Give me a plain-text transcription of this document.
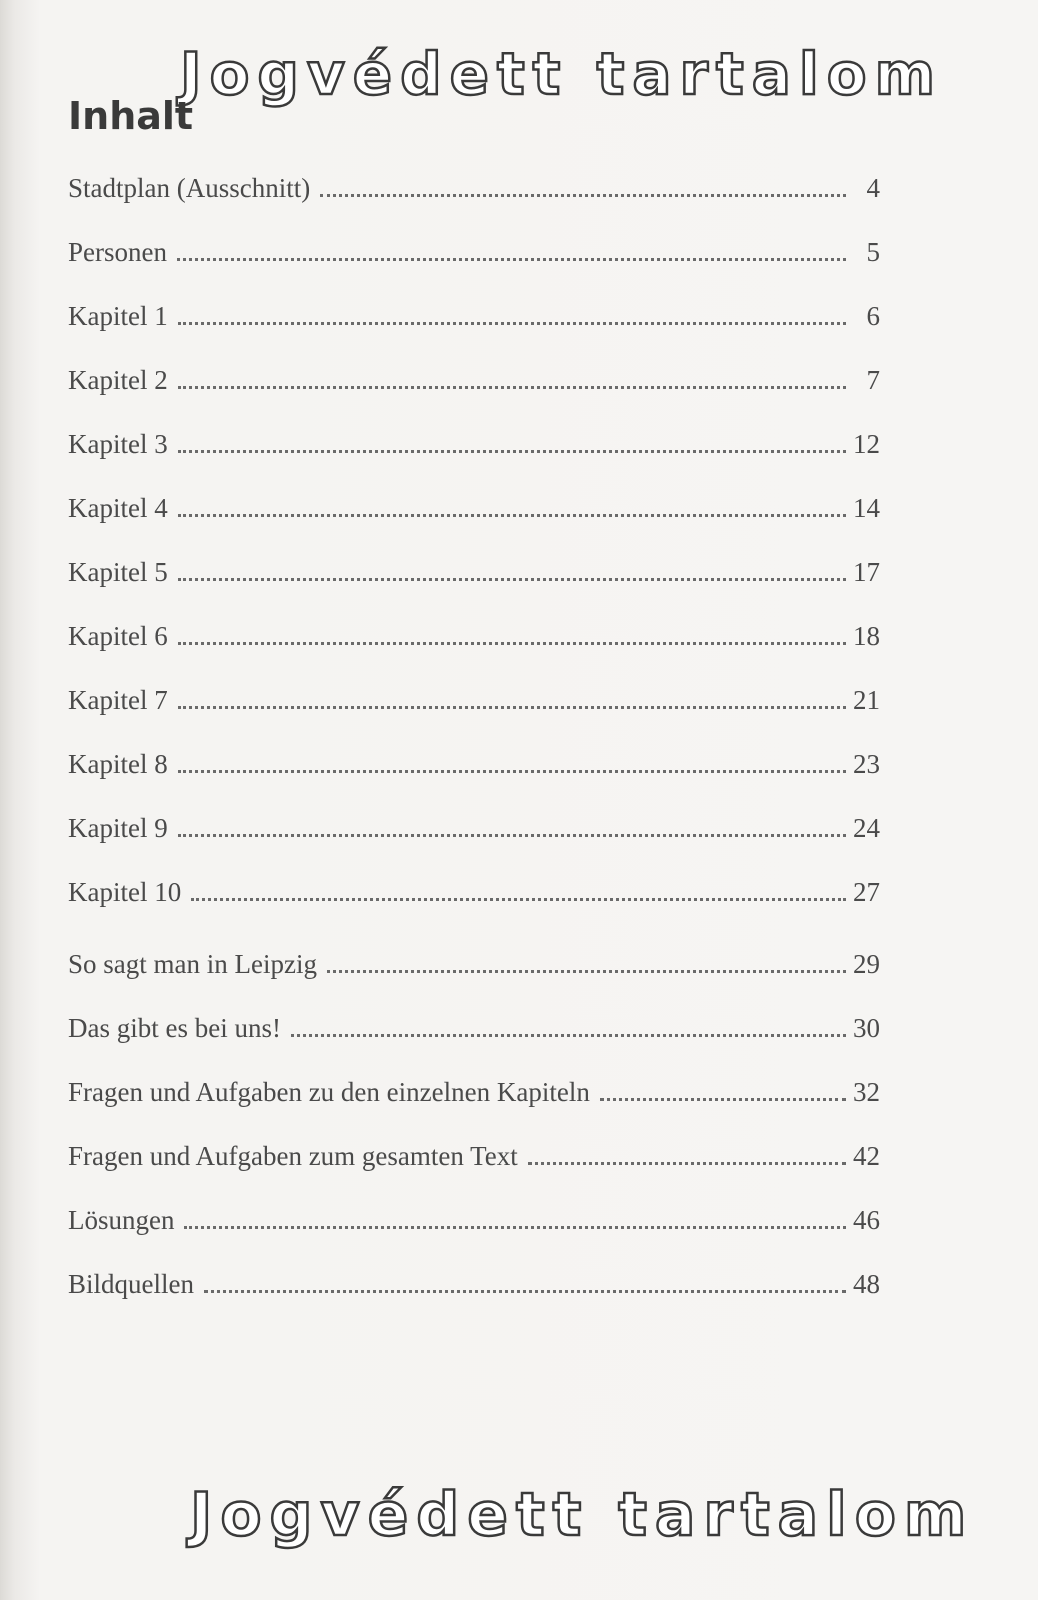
Jogvédett tartalom
Inhalt
Stadtplan (Ausschnitt)	4
Personen	5
Kapitel 1	6
Kapitel 2	7
Kapitel 3	12
Kapitel 4	14
Kapitel 5	17
Kapitel 6	18
Kapitel 7	21
Kapitel 8	23
Kapitel 9	24
Kapitel 10	27
So sagt man in Leipzig	29
Das gibt es bei uns!	30
Fragen und Aufgaben zu den einzelnen Kapiteln	32
Fragen und Aufgaben zum gesamten Text	42
Lösungen	46
Bildquellen	48
Jogvédett tartalom
